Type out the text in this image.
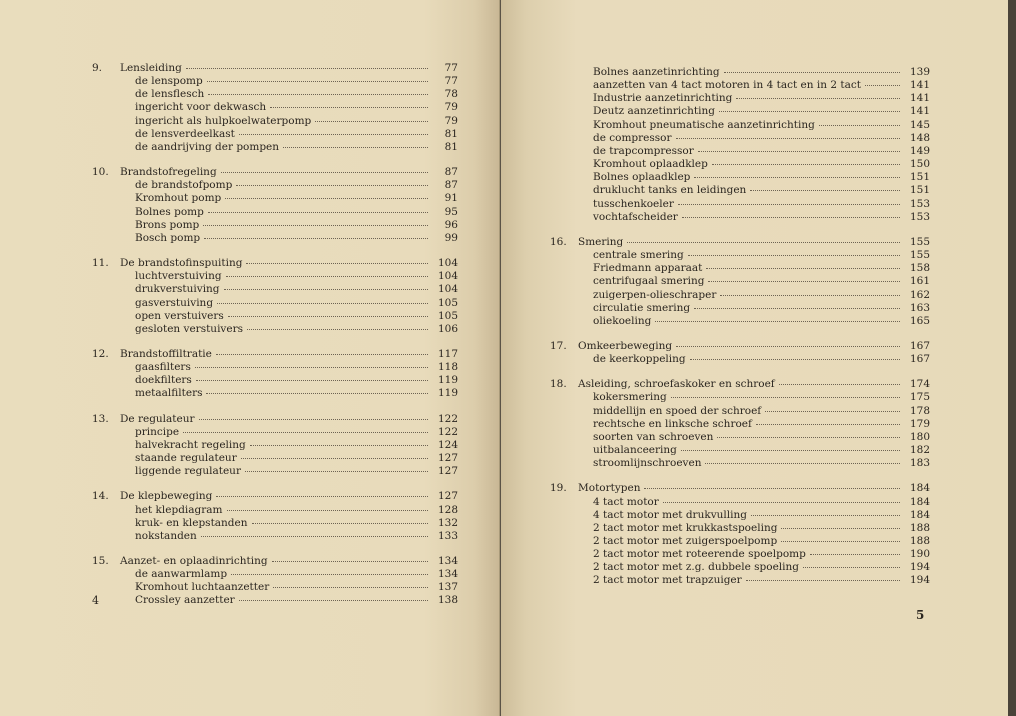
9.	Lensleiding	77
de lenspomp	77
de lensflesch	78
ingericht voor dekwasch	79
ingericht als hulpkoelwaterpomp	79
de lensverdeelkast	81
de aandrijving der pompen	81
10.	Brandstofregeling	87
de brandstofpomp	87
Kromhout pomp	91
Bolnes pomp	95
Brons pomp	96
Bosch pomp	99
11.	De brandstofinspuiting	104
luchtverstuiving	104
drukverstuiving	104
gasverstuiving	105
open verstuivers	105
gesloten verstuivers	106
12.	Brandstoffiltratie	117
gaasfilters	118
doekfilters	119
metaalfilters	119
13.	De regulateur	122
principe	122
halvekracht regeling	124
staande regulateur	127
liggende regulateur	127
14.	De klepbeweging	127
het klepdiagram	128
kruk- en klepstanden	132
nokstanden	133
15.	Aanzet- en oplaadinrichting	134
de aanwarmlamp	134
Kromhout luchtaanzetter	137
Crossley aanzetter	138
4
Bolnes aanzetinrichting	139
aanzetten van 4 tact motoren in 4 tact en in 2 tact	141
Industrie aanzetinrichting	141
Deutz aanzetinrichting	141
Kromhout pneumatische aanzetinrichting	145
de compressor	148
de trapcompressor	149
Kromhout oplaadklep	150
Bolnes oplaadklep	151
druklucht tanks en leidingen	151
tusschenkoeler	153
vochtafscheider	153
16.	Smering	155
centrale smering	155
Friedmann apparaat	158
centrifugaal smering	161
zuigerpen-olieschraper	162
circulatie smering	163
oliekoeling	165
17.	Omkeerbeweging	167
de keerkoppeling	167
18.	Asleiding, schroefaskoker en schroef	174
kokersmering	175
middellijn en spoed der schroef	178
rechtsche en linksche schroef	179
soorten van schroeven	180
uitbalanceering	182
stroomlijnschroeven	183
19.	Motortypen	184
4 tact motor	184
4 tact motor met drukvulling	184
2 tact motor met krukkastspoeling	188
2 tact motor met zuigerspoelpomp	188
2 tact motor met roteerende spoelpomp	190
2 tact motor met z.g. dubbele spoeling	194
2 tact motor met trapzuiger	194
5
